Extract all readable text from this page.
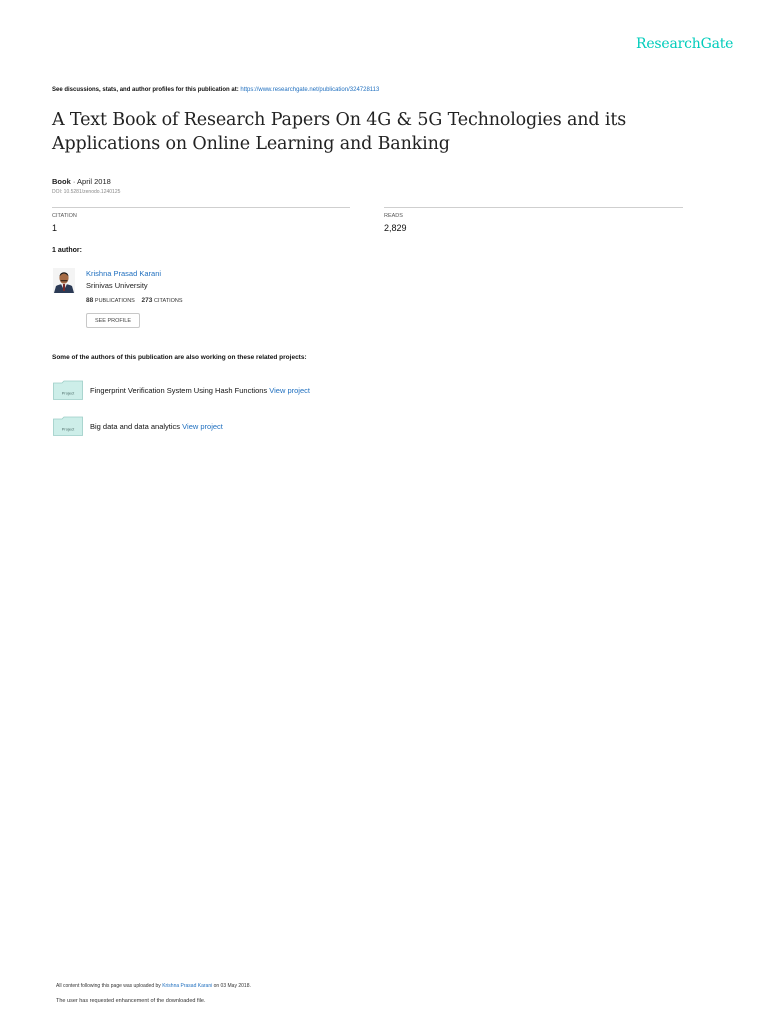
ResearchGate
See discussions, stats, and author profiles for this publication at: https://www.researchgate.net/publication/324728113
A Text Book of Research Papers On 4G & 5G Technologies and its Applications on Online Learning and Banking
Book · April 2018
DOI: 10.5281/zenodo.1240125
CITATION
1
READS
2,829
1 author:
Krishna Prasad Karani
Srinivas University
88 PUBLICATIONS 273 CITATIONS
SEE PROFILE
Some of the authors of this publication are also working on these related projects:
Project Fingerprint Verification System Using Hash Functions View project
Project Big data and data analytics View project
All content following this page was uploaded by Krishna Prasad Karani on 03 May 2018.
The user has requested enhancement of the downloaded file.
